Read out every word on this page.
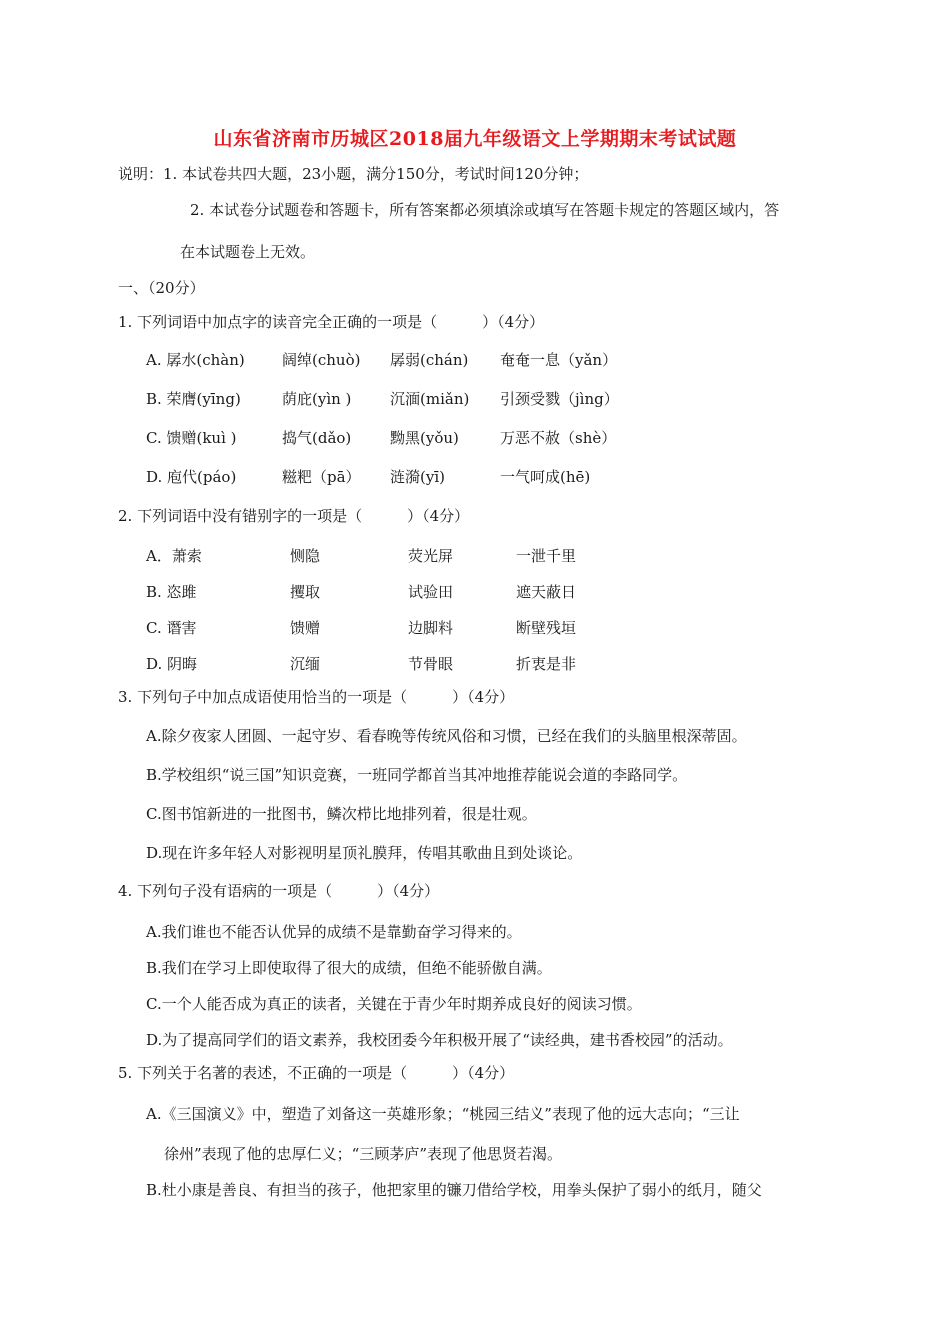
山东省济南市历城区2018届九年级语文上学期期末考试试题
说明：1. 本试卷共四大题，23小题，满分150分，考试时间120分钟；
2. 本试卷分试题卷和答题卡，所有答案都必须填涂或填写在答题卡规定的答题区域内，答
在本试题卷上无效。
一、（20分）
1. 下列词语中加点字的读音完全正确的一项是（　　　）（4分）
A. 孱水(chàn) 阔绰(chuò) 孱弱(chán) 奄奄一息（yǎn）
B. 荣膺(yīng)	荫庇(yìn )	沉湎(miǎn) 引颈受戮（jìng）
C. 馈赠(kuì )	捣气(dǎo)	黝黑(yǒu)	万恶不赦（shè）
D. 庖代(páo)	糍粑（pā） 涟漪(yī)	一气呵成(hē)
2. 下列词语中没有错别字的一项是（　　　）（4分）
A．萧索	恻隐	荧光屏	一泄千里
B. 恣雎	攫取	试验田	遮天蔽日
C. 谮害	馈赠	边脚料	断壁残垣
D. 阴晦	沉缅	节骨眼	折衷是非
3. 下列句子中加点成语使用恰当的一项是（　　　）（4分）
A.除夕夜家人团圆、一起守岁、看春晚等传统风俗和习惯，已经在我们的头脑里根深蒂固。
B.学校组织“说三国”知识竞赛，一班同学都首当其冲地推荐能说会道的李路同学。
C.图书馆新进的一批图书，鳞次栉比地排列着，很是壮观。
D.现在许多年轻人对影视明星顶礼膜拜，传唱其歌曲且到处谈论。
4. 下列句子没有语病的一项是（　　　）（4分）
A.我们谁也不能否认优异的成绩不是靠勤奋学习得来的。
B.我们在学习上即使取得了很大的成绩，但绝不能骄傲自满。
C.一个人能否成为真正的读者，关键在于青少年时期养成良好的阅读习惯。
D.为了提高同学们的语文素养，我校团委今年积极开展了“读经典，建书香校园”的活动。
5. 下列关于名著的表述，不正确的一项是（　　　）（4分）
A.《三国演义》中，塑造了刘备这一英雄形象；“桃园三结义”表现了他的远大志向；“三让
徐州”表现了他的忠厚仁义；“三顾茅庐”表现了他思贤若渴。
B.杜小康是善良、有担当的孩子，他把家里的镰刀借给学校，用拳头保护了弱小的纸月，随父
